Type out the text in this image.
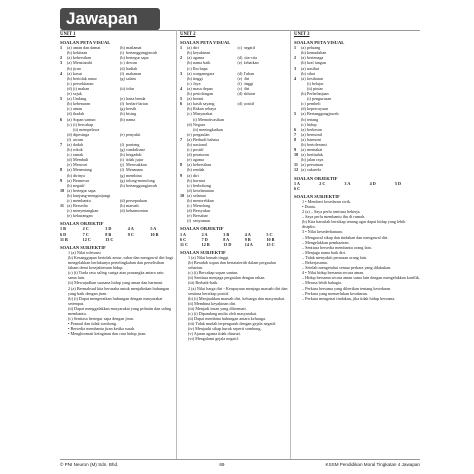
Jawapan
UNIT 1
SOALAN PETA VISUAL
1	(a) aman dan damai	(h) matlamat
(b) kekitaan	(i) bertanggungjawab
2	(a) kebersihan	(b) bertegur sapa
3	(a) Menziarahi	(c) dewan
(b) jiran	(d) hadiah
4	(a) kasut	(f) makanan
(b) bertolak ansur	(g) salam
(c) persekitaran
(d) (i) makan	(ii) tidur
(e) sejuk
5	(a) Undang	(e) harta benda
(b) kebenaran	(f) berlari-larian
(c) aman	(g) bersih
(d) ibadah	(h) bising
6	(a) Sopan santun	(b) nama
(c) (i) bercakap
(ii) mempelawa
(d) dipesinga	(e) penyakit
(f) awam
7	(a) dadah	(f) ponteng
(b) rokok	(g) vandalisme
(c) tamak	(h) bergaduh
(d) Membuli	(i) tidak jujur
(e) Mencuri	(j) Merosakkan
8	(a) Menentang	(f) Menanam
(b) dirinya	(g) membina
9	(a) Bermesra	(g) tolong-menolong
(b) negatif	(h) bertanggungjawab
10 (a) bertegur sapa
(b) kunjung-mengunjungi
(c) membantu	(d) persepaduan
11 (a) Bersedia	(b) maruah
(c) menyenangkan	(d) keharmonian
(e) kekurangan
SOALAN OBJEKTIF
1 B	2 C	3 D	4 A	5 A
6 D	7 C	8 B	9 C	10 B
11 B	12 C	13 C
SOALAN SUBJEKTIF
1 (a) Nilai toleransi
(b) Kesanggupan bertolak ansur, sabar dan mengawal diri bagi mengelakkan berlakunya pertelingkahan dan perselisihan faham demi kesejahteraan hidup.
(c) (i) Tiada rasa saling curiga atau prasangka antara satu sama lain.
(ii) Mewujudkan suasana hidup yang aman dan harmoni.
2 (a) Bermaksud kita berusaha untuk menjalinkan hubungan yang baik dengan jiran.
(b) (i) Dapat mengeratkan hubungan dengan masyarakat setempat.
(ii) Dapat menggalakkan masyarakat yang prihatin dan saling membantu.
(c) Sentiasa bertegur sapa dengan jiran.
• Pemaaf dan tidak sombong.
• Bersedia membantu jiran ketika susah.
• Menghormati keinginan dan cara hidup jiran.
UNIT 2
SOALAN PETA VISUAL
1	(a) diri	(c) negatif
(b) keyakinan
2	(a) agama	(d) cita-cita
(b) nama baik	(e) kebaikan
(c) Ibu bapa
3	(a) warganegara	(d) Tuhan
(b) tinggi	(e) diri
(c) Jaya	(f) tinggi
4	(a) masa depan	(c) diri
(b) pertolongan	(d) akhirat
5	(a) berani
6	(a) kasih sayang	(d) positif
(b) Rakan sebaya
(c) Masyarakat
(i) Memotivasikan
(d) Negara
(ii) meningkatkan
(e) pergaulan
7	(a) Berbudi bahasa
(b) nasional
(c) positif
(d) peraturan
(e) agama
8	(a) kebersihan
(b) rendah
9	(a) diri
(b) hormat
(c) berbohong
(d) keselamatan
10 (a) selamat
(b) menorehkan
(c) Menolong
(d) Bersyukur
(e) Bersabar
(f) senyuman
SOALAN OBJEKTIF
1 A	2 A	3 B	4 A	5 C
6 C	7 D	8 A	9 B	10 B
11 C	12 B	13 D	14 A	15 C
SOALAN SUBJEKTIF
1 (a) Nilai hemah tinggi.
(b) Beradab sopan dan bertatatertib dalam pergaulan seharian.
(c) (i) Bercakap sopan santun.
(ii) Sentiasa menjaga pergaulan dengan rakan.
(iii) Berbaik-baik.
2 (a) Nilai harga diri - Keupayaan menjaga maruah diri dan sentiasa bersikap positif.
(b) (i) Menjauhkan maruah diri, keluarga dan masyarakat.
(ii) Membina keyakinan diri.
(iii) Menjadi insan yang dihormati.
(c) (i) Dipandang mulia oleh masyarakat.
(ii) Dapat membina hubungan antara keluarga.
(iii) Tidak mudah terpengaruh dengan gejala negatif.
(iv) Menjauhi sikap buruk seperti sombong.
(v) Ajaran agama tidak dituruti.
(vi) Mengalami gejala negatif.
UNIT 3
SOALAN PETA VISUAL
1	(a) peluang
(b) kemudahan
2	(a) bertenaga
(b) kraf tangan
3	(a) nasihat
(b) sihat
4	(a) kesihatan
(i) belajar
(ii) pintar
(b) Perbelanjaan
(i) pengurusan
(c) pembeli
(d) kepercayaan
5	(a) Bertanggungjawab
(b) tenang
(c) hidup
6	(a) berkesan
7	(a) bermoral
8	(a) harmoni
(b) bertoleransi
9	(a) memakai
10 (a) bertindak
(b) jalan raya
11 (a) persatuan
12 (a) sukarela
SOALAN OBJEKTIF
1 A	2 C	3 A	4 D	5 D
6 C
SOALAN SUBJEKTIF
1 • Memberi kesedaran sivik.
• Dunia.
2 (a) – Saya perlu sentiasa bekerja.
– Saya perlu membantu ibu di rumah.
(b) Kita haruslah bersikap tenang agar dapat hidup yang lebih disiplin.
3 • Nilai kesederhanaan.
– Mengawal sikap dan tindakan dan mengawal diri.
– Mengelakkan pembaziran.
– Sentiasa bersedia membantu orang lain.
– Menjaga nama baik diri.
– Tidak menyakiti perasaan orang lain.
– Bekerjasama.
– Setelah mengetahui semua perkara yang dilakukan.
4 • Nilai hidup bersama secara aman.
– Hidup bersama secara aman sama lain dengan mengelakkan konflik.
– Merasa lebih bahagia.
– Perkara bersama yang diberikan tentang kesedaran.
– Perkara yang memerlukan kesabaran.
– Perkara mengenai tindakan, jika tidak hidup bersama.
© PNI Neuron (M) Sdn. Bhd.	69	KSSM Pendidikan Moral Tingkatan 4 Jawapan
